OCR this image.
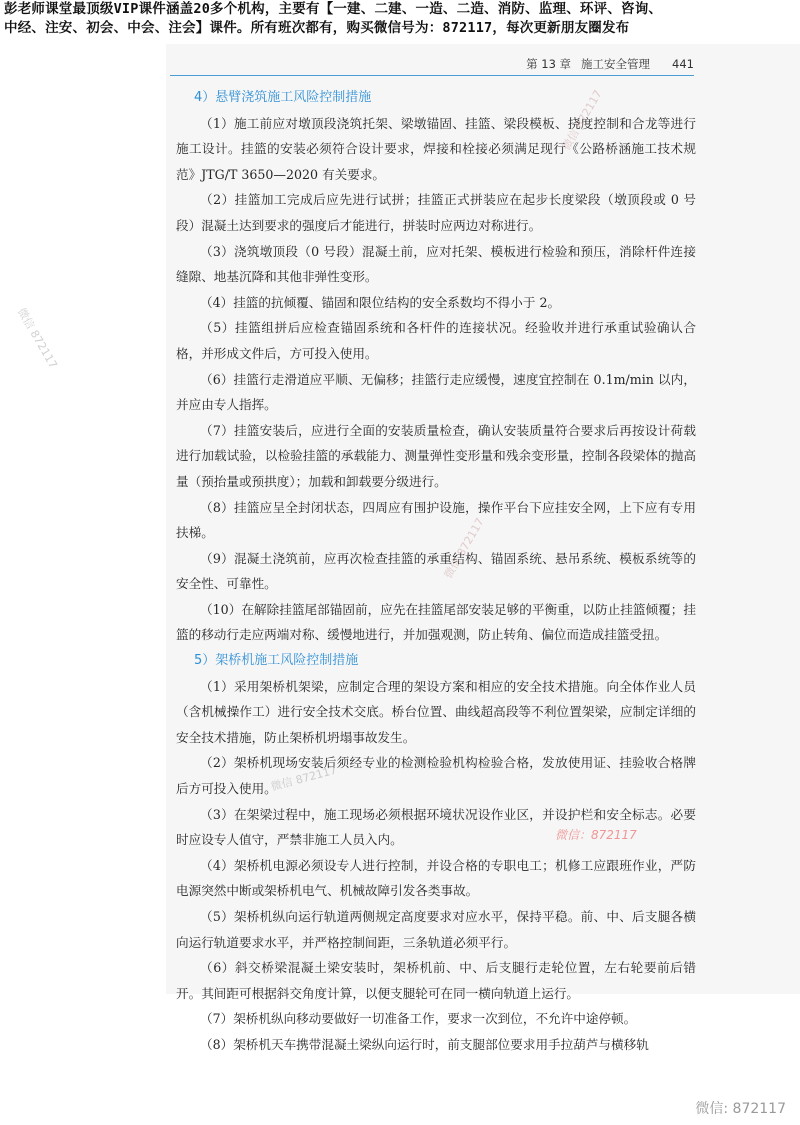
彭老师课堂最顶级VIP课件涵盖20多个机构，主要有【一建、二建、一造、二造、消防、监理、环评、咨询、
中经、注安、初会、中会、注会】课件。所有班次都有，购买微信号为：872117，每次更新朋友圈发布
第 13 章 施工安全管理 441
4）悬臂浇筑施工风险控制措施

（1）施工前应对墩顶段浇筑托架、梁墩锚固、挂篮、梁段模板、挠度控制和合龙等进行施工设计。挂篮的安装必须符合设计要求，焊接和栓接必须满足现行《公路桥涵施工技术规范》JTG/T 3650—2020 有关要求。

（2）挂篮加工完成后应先进行试拼；挂篮正式拼装应在起步长度梁段（墩顶段或 0 号段）混凝土达到要求的强度后才能进行，拼装时应两边对称进行。

（3）浇筑墩顶段（0 号段）混凝土前，应对托架、模板进行检验和预压，消除杆件连接缝隙、地基沉降和其他非弹性变形。

（4）挂篮的抗倾覆、锚固和限位结构的安全系数均不得小于 2。

（5）挂篮组拼后应检查锚固系统和各杆件的连接状况。经验收并进行承重试验确认合格，并形成文件后，方可投入使用。

（6）挂篮行走滑道应平顺、无偏移；挂篮行走应缓慢，速度宜控制在 0.1m/min 以内，并应由专人指挥。

（7）挂篮安装后，应进行全面的安装质量检查，确认安装质量符合要求后再按设计荷载进行加载试验，以检验挂篮的承载能力、测量弹性变形量和残余变形量，控制各段梁体的抛高量（预抬量或预拱度）；加载和卸载要分级进行。

（8）挂篮应呈全封闭状态，四周应有围护设施，操作平台下应挂安全网，上下应有专用扶梯。

（9）混凝土浇筑前，应再次检查挂篮的承重结构、锚固系统、悬吊系统、模板系统等的安全性、可靠性。

（10）在解除挂篮尾部锚固前，应先在挂篮尾部安装足够的平衡重，以防止挂篮倾覆；挂篮的移动行走应两端对称、缓慢地进行，并加强观测，防止转角、偏位而造成挂篮受扭。

5）架桥机施工风险控制措施

（1）采用架桥机架梁，应制定合理的架设方案和相应的安全技术措施。向全体作业人员（含机械操作工）进行安全技术交底。桥台位置、曲线超高段等不利位置架梁，应制定详细的安全技术措施，防止架桥机坍塌事故发生。

（2）架桥机现场安装后须经专业的检测检验机构检验合格，发放使用证、挂验收合格牌后方可投入使用。

（3）在架梁过程中，施工现场必须根据环境状况设作业区，并设护栏和安全标志。必要时应设专人值守，严禁非施工人员入内。

（4）架桥机电源必须设专人进行控制，并设合格的专职电工；机修工应跟班作业，严防电源突然中断或架桥机电气、机械故障引发各类事故。

（5）架桥机纵向运行轨道两侧规定高度要求对应水平，保持平稳。前、中、后支腿各横向运行轨道要求水平，并严格控制间距，三条轨道必须平行。

（6）斜交桥梁混凝土梁安装时，架桥机前、中、后支腿行走轮位置，左右轮要前后错开。其间距可根据斜交角度计算，以便支腿轮可在同一横向轨道上运行。

（7）架桥机纵向移动要做好一切准备工作，要求一次到位，不允许中途停顿。

（8）架桥机天车携带混凝土梁纵向运行时，前支腿部位要求用手拉葫芦与横移轨

微信 872117
微信 872117
微信 872117
微信 872117
微信：872117
微信: 872117
